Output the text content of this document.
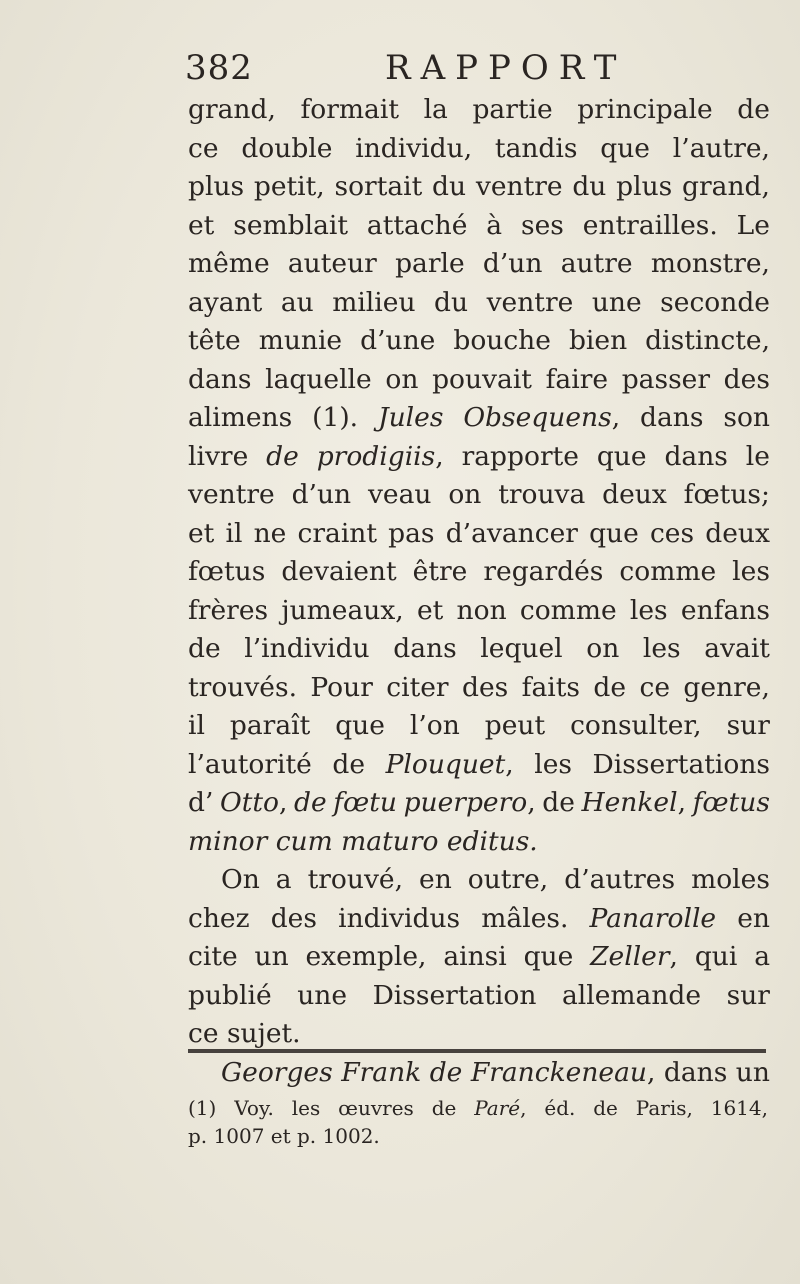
382	RAPPORT
grand, formait la partie principale de
ce double individu, tandis que l’autre,
plus petit, sortait du ventre du plus grand,
et semblait attaché à ses entrailles. Le
même auteur parle d’un autre monstre,
ayant au milieu du ventre une seconde
tête munie d’une bouche bien distincte,
dans laquelle on pouvait faire passer des
alimens (1). Jules Obsequens, dans son
livre de prodigiis, rapporte que dans le
ventre d’un veau on trouva deux fœtus;
et il ne craint pas d’avancer que ces deux
fœtus devaient être regardés comme les
frères jumeaux, et non comme les enfans
de l’individu dans lequel on les avait
trouvés. Pour citer des faits de ce genre,
il paraît que l’on peut consulter, sur
l’autorité de Plouquet, les Dissertations
d’ Otto, de fœtu puerpero, de Henkel, fœtus
minor cum maturo editus.
On a trouvé, en outre, d’autres moles
chez des individus mâles. Panarolle en
cite un exemple, ainsi que Zeller, qui a
publié une Dissertation allemande sur
ce sujet.
Georges Frank de Franckeneau, dans un
(1) Voy. les œuvres de Paré, éd. de Paris, 1614,
p. 1007 et p. 1002.
